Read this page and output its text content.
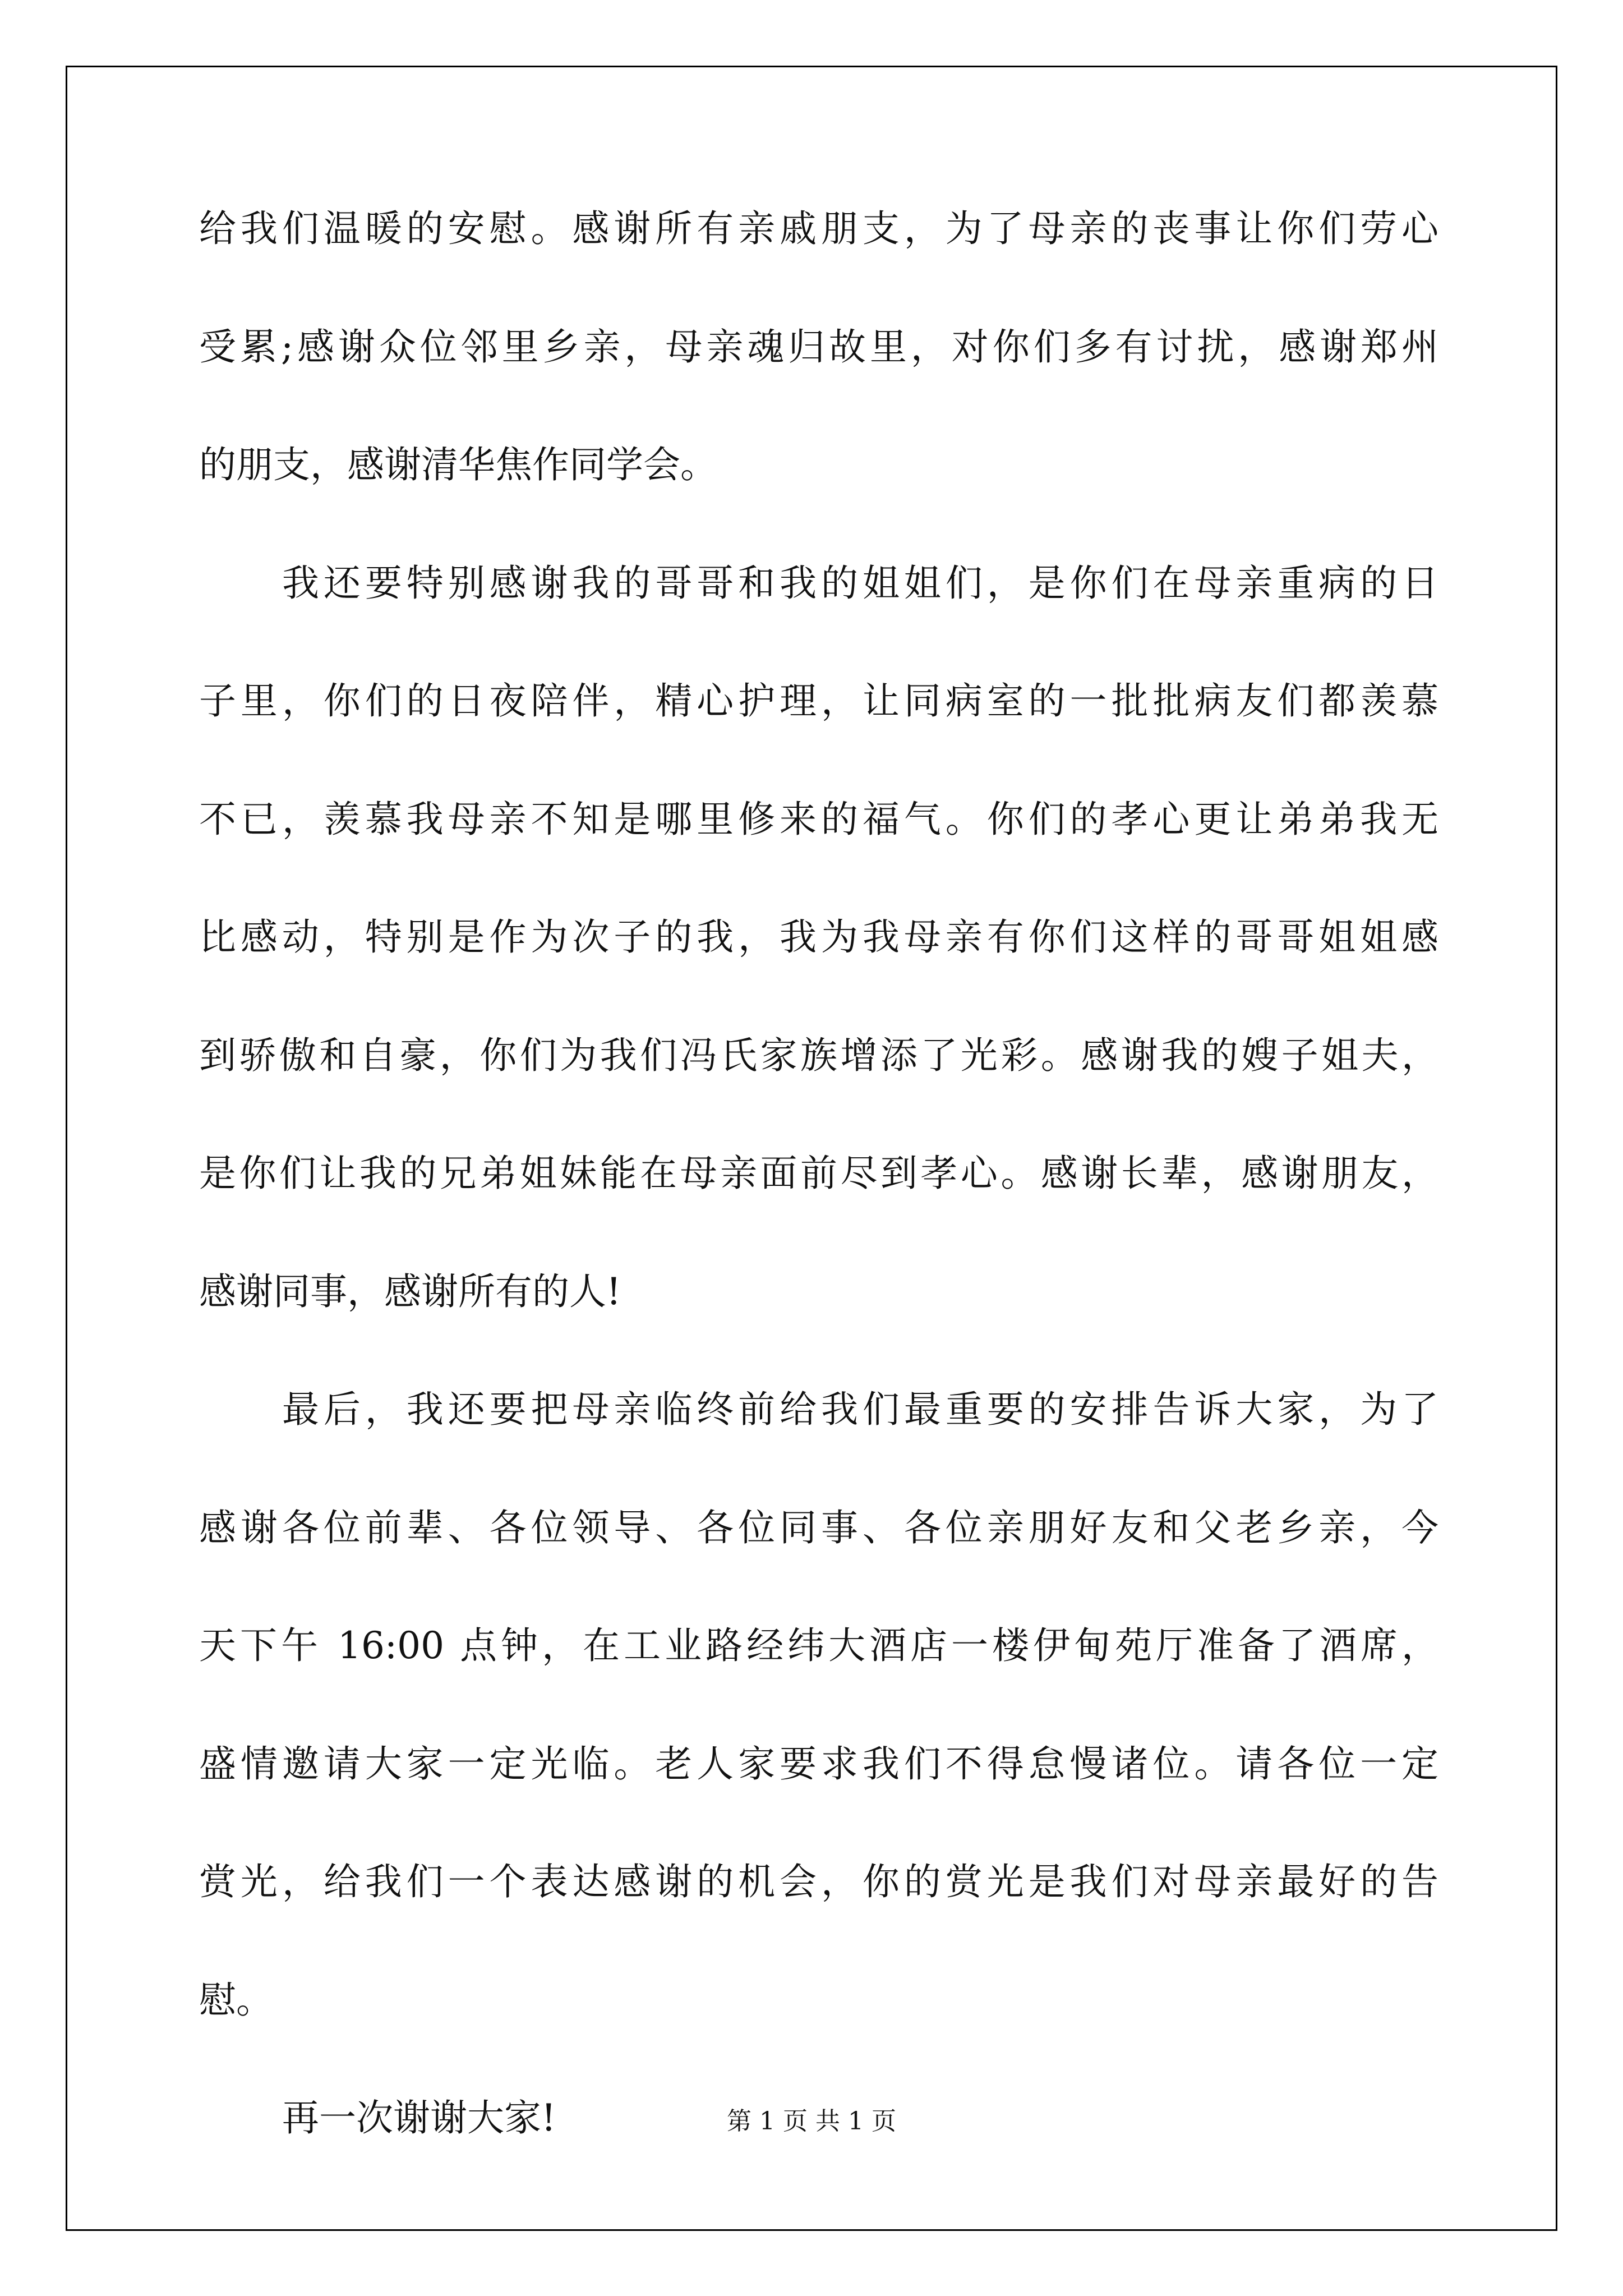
给我们温暖的安慰。感谢所有亲戚朋支，为了母亲的丧事让你们劳心
受累;感谢众位邻里乡亲，母亲魂归故里，对你们多有讨扰，感谢郑州
的朋支，感谢清华焦作同学会。
我还要特别感谢我的哥哥和我的姐姐们，是你们在母亲重病的日
子里，你们的日夜陪伴，精心护理，让同病室的一批批病友们都羡慕
不已，羡慕我母亲不知是哪里修来的福气。你们的孝心更让弟弟我无
比感动，特别是作为次子的我，我为我母亲有你们这样的哥哥姐姐感
到骄傲和自豪，你们为我们冯氏家族增添了光彩。感谢我的嫂子姐夫，
是你们让我的兄弟姐妹能在母亲面前尽到孝心。感谢长辈，感谢朋友，
感谢同事，感谢所有的人!
最后，我还要把母亲临终前给我们最重要的安排告诉大家，为了
感谢各位前辈、各位领导、各位同事、各位亲朋好友和父老乡亲，今
天下午 16:00 点钟，在工业路经纬大酒店一楼伊甸苑厅准备了酒席，
盛情邀请大家一定光临。老人家要求我们不得怠慢诸位。请各位一定
赏光，给我们一个表达感谢的机会，你的赏光是我们对母亲最好的告
慰。
再一次谢谢大家!	第 1 页 共 1 页
